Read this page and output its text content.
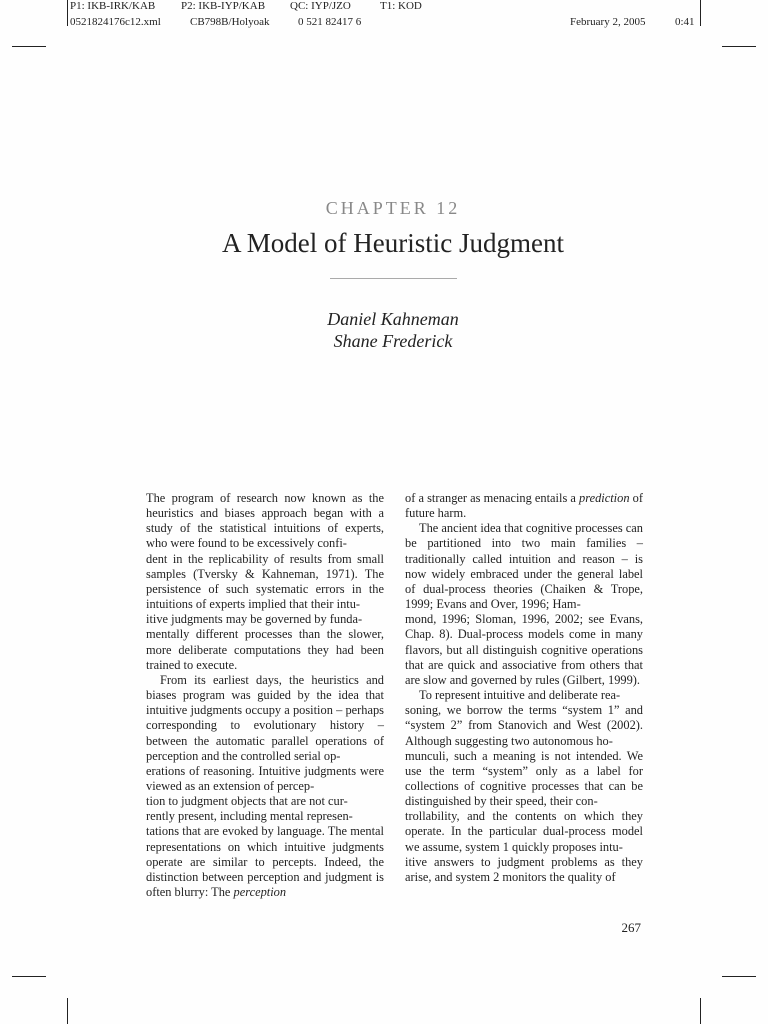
P1: IKB-IRK/KAB P2: IKB-IYP/KAB QC: IYP/JZO	T1: KOD
0521824176c12.xml	CB798B/Holyoak	0 521 82417 6	February 2, 2005	0:41
CHAPTER 12
A Model of Heuristic Judgment
Daniel Kahneman
Shane Frederick

The program of research now known as the heuristics and biases approach began with a study of the statistical intuitions of experts, who were found to be excessively confi-
dent in the replicability of results from small samples (Tversky & Kahneman, 1971). The persistence of such systematic errors in the intuitions of experts implied that their intu-
itive judgments may be governed by funda-
mentally different processes than the slower, more deliberate computations they had been trained to execute.

From its earliest days, the heuristics and biases program was guided by the idea that intuitive judgments occupy a position – perhaps corresponding to evolutionary history – between the automatic parallel operations of perception and the controlled serial op-
erations of reasoning. Intuitive judgments were viewed as an extension of percep-
tion to judgment objects that are not cur-
rently present, including mental represen-
tations that are evoked by language. The mental representations on which intuitive judgments operate are similar to percepts. Indeed, the distinction between perception and judgment is often blurry: The perception

of a stranger as menacing entails a prediction of future harm.

The ancient idea that cognitive processes can be partitioned into two main families – traditionally called intuition and reason – is now widely embraced under the general label of dual-process theories (Chaiken & Trope, 1999; Evans and Over, 1996; Ham-
mond, 1996; Sloman, 1996, 2002; see Evans, Chap. 8). Dual-process models come in many flavors, but all distinguish cognitive operations that are quick and associative from others that are slow and governed by rules (Gilbert, 1999).

To represent intuitive and deliberate rea-
soning, we borrow the terms “system 1” and “system 2” from Stanovich and West (2002). Although suggesting two autonomous ho-
munculi, such a meaning is not intended. We use the term “system” only as a label for collections of cognitive processes that can be distinguished by their speed, their con-
trollability, and the contents on which they operate. In the particular dual-process model we assume, system 1 quickly proposes intu-
itive answers to judgment problems as they arise, and system 2 monitors the quality of

267
